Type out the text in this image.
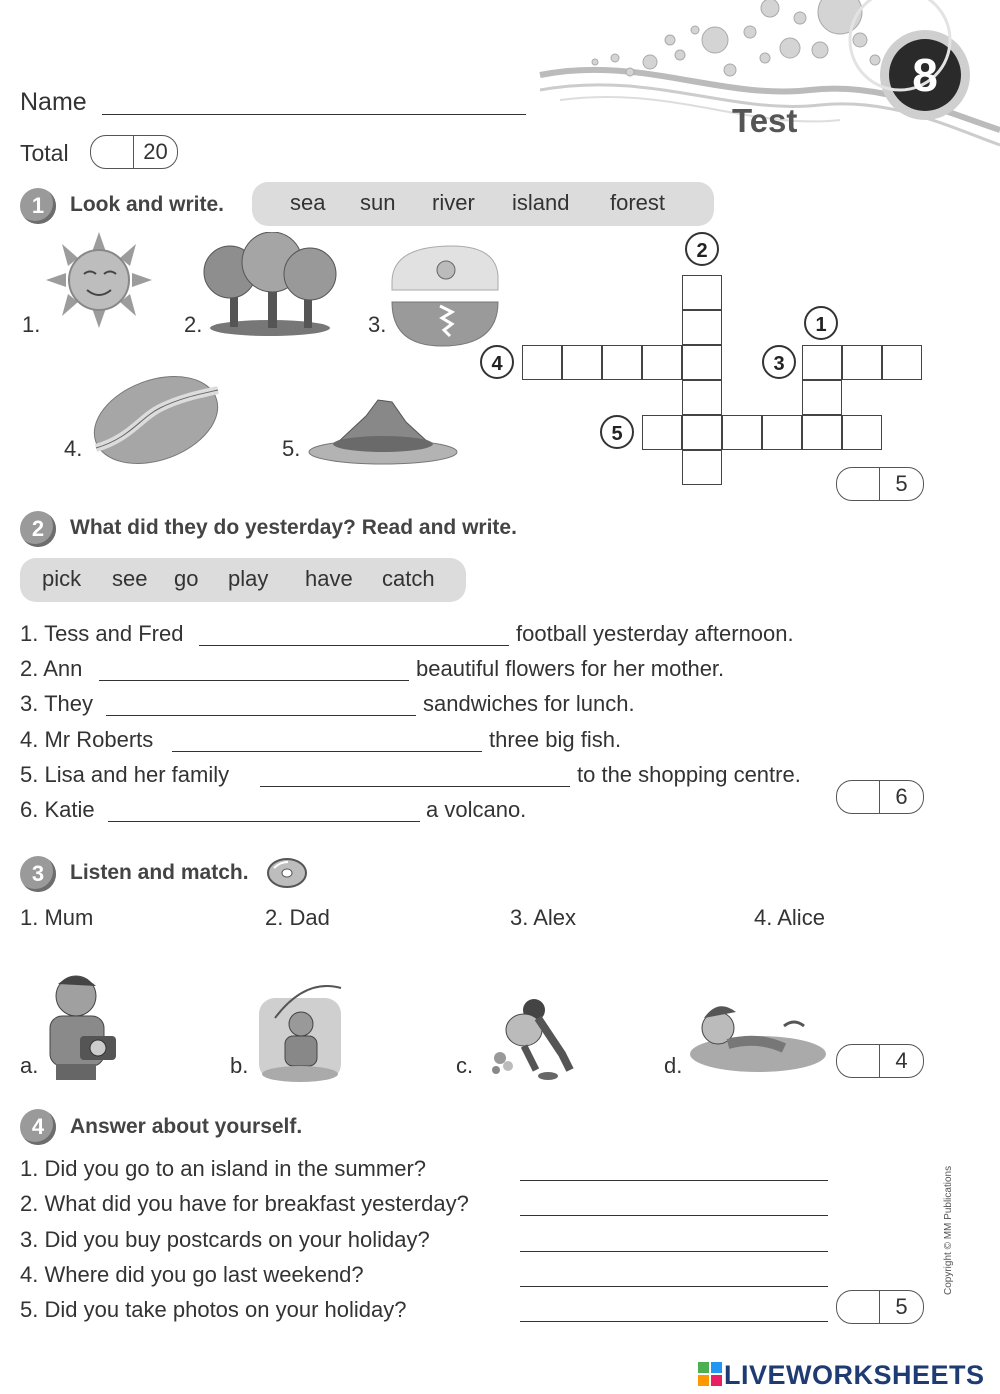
8
Test
Name
Total	20
1	Look and write.	sea sun river island forest
1.	2.	3.
4.	5.
1
2
3
4
5
5
2	What did they do yesterday? Read and write.
pick see go play have catch
1. Tess and Fred	football yesterday afternoon.
2. Ann	beautiful flowers for her mother.
3. They	sandwiches for lunch.
4. Mr Roberts	three big fish.
5. Lisa and her family	to the shopping centre.
6. Katie	a volcano.
6
3	Listen and match.
1. Mum	2. Dad	3. Alex	4. Alice
a.	b.	c.	d.	4
4	Answer about yourself.
1. Did you go to an island in the summer?
2. What did you have for breakfast yesterday?
3. Did you buy postcards on your holiday?
4. Where did you go last weekend?
5. Did you take photos on your holiday?	5
Copyright © MM Publications
LIVEWORKSHEETS
